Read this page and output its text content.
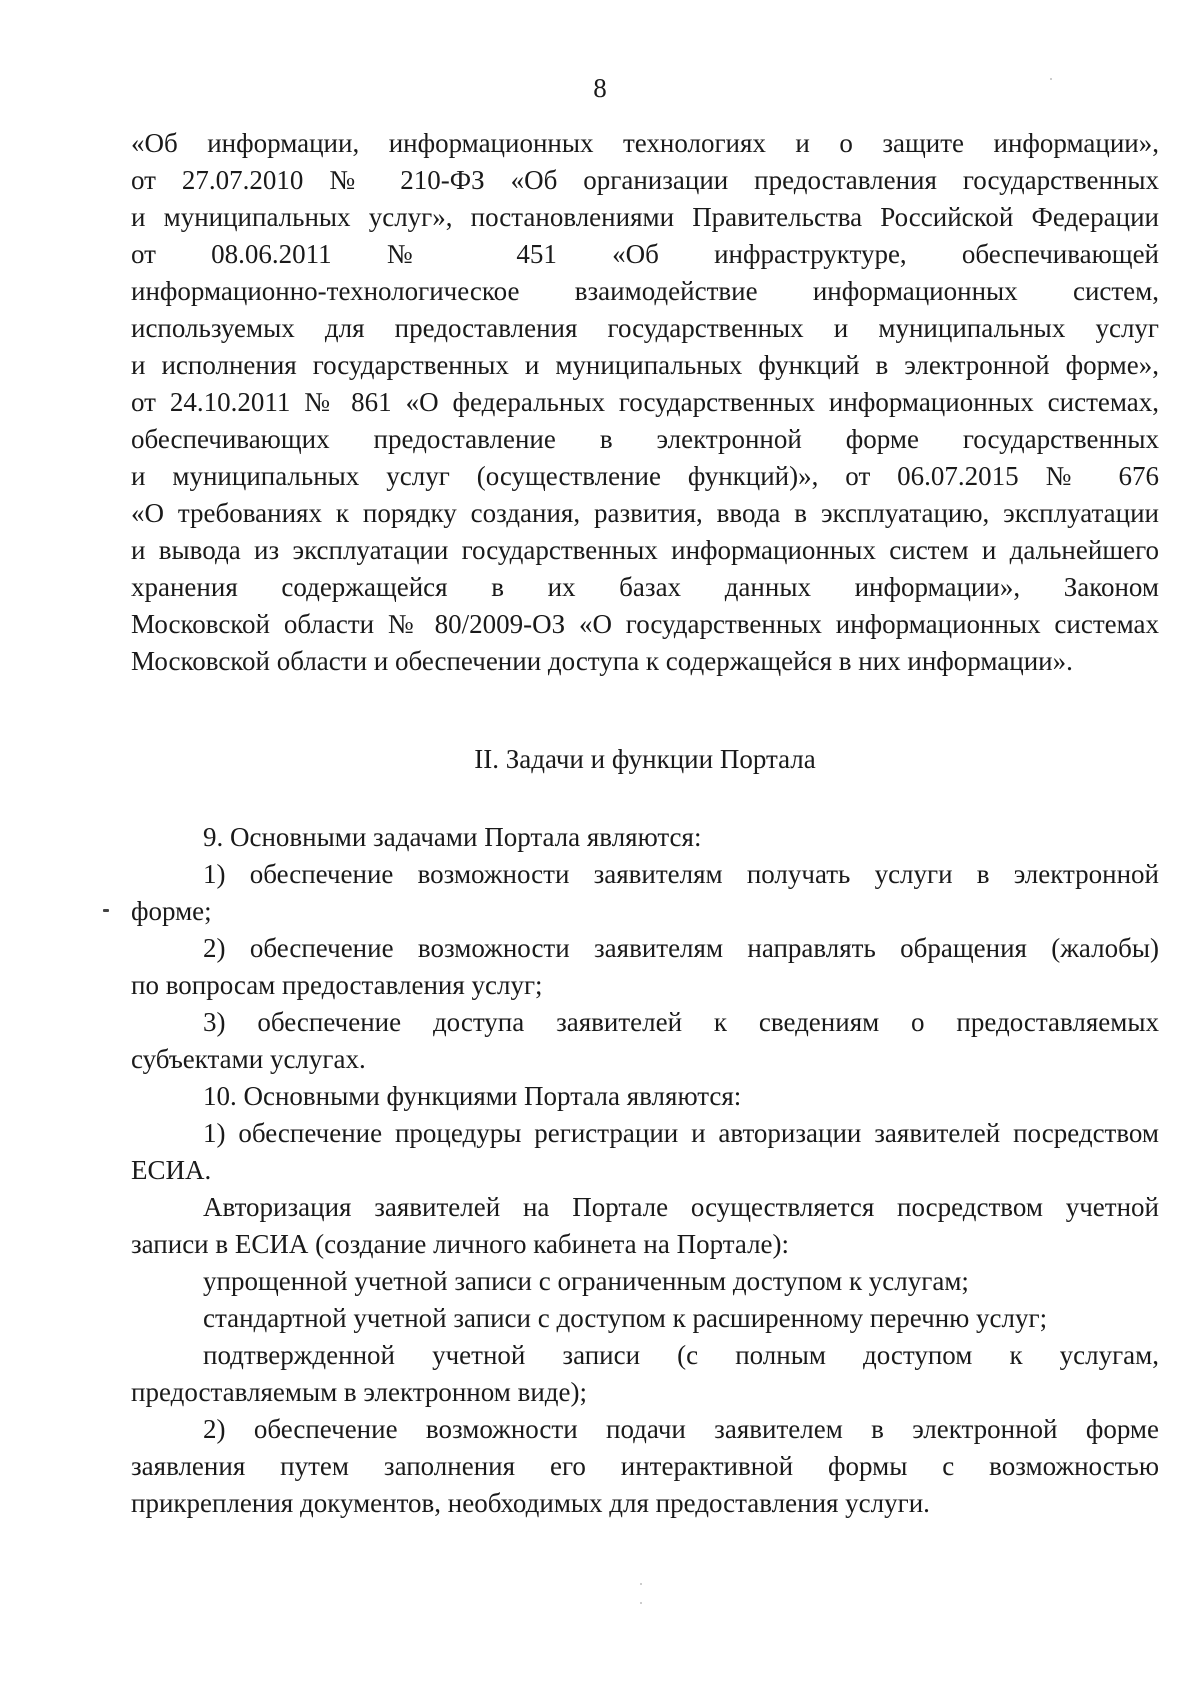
8
«Об информации, информационных технологиях и о защите информации»,
от 27.07.2010 № 210-ФЗ «Об организации предоставления государственных
и муниципальных услуг», постановлениями Правительства Российской Федерации
от 08.06.2011 № 451 «Об инфраструктуре, обеспечивающей
информационно-технологическое взаимодействие информационных систем,
используемых для предоставления государственных и муниципальных услуг
и исполнения государственных и муниципальных функций в электронной форме»,
от 24.10.2011 № 861 «О федеральных государственных информационных системах,
обеспечивающих предоставление в электронной форме государственных
и муниципальных услуг (осуществление функций)», от 06.07.2015 № 676
«О требованиях к порядку создания, развития, ввода в эксплуатацию, эксплуатации
и вывода из эксплуатации государственных информационных систем и дальнейшего
хранения содержащейся в их базах данных информации», Законом
Московской области № 80/2009-ОЗ «О государственных информационных системах
Московской области и обеспечении доступа к содержащейся в них информации».
II. Задачи и функции Портала
9. Основными задачами Портала являются:
1) обеспечение возможности заявителям получать услуги в электронной
форме;
2) обеспечение возможности заявителям направлять обращения (жалобы)
по вопросам предоставления услуг;
3) обеспечение доступа заявителей к сведениям о предоставляемых
субъектами услугах.
10. Основными функциями Портала являются:
1) обеспечение процедуры регистрации и авторизации заявителей посредством
ЕСИА.
Авторизация заявителей на Портале осуществляется посредством учетной
записи в ЕСИА (создание личного кабинета на Портале):
упрощенной учетной записи с ограниченным доступом к услугам;
стандартной учетной записи с доступом к расширенному перечню услуг;
подтвержденной учетной записи (с полным доступом к услугам,
предоставляемым в электронном виде);
2) обеспечение возможности подачи заявителем в электронной форме
заявления путем заполнения его интерактивной формы с возможностью
прикрепления документов, необходимых для предоставления услуги.
